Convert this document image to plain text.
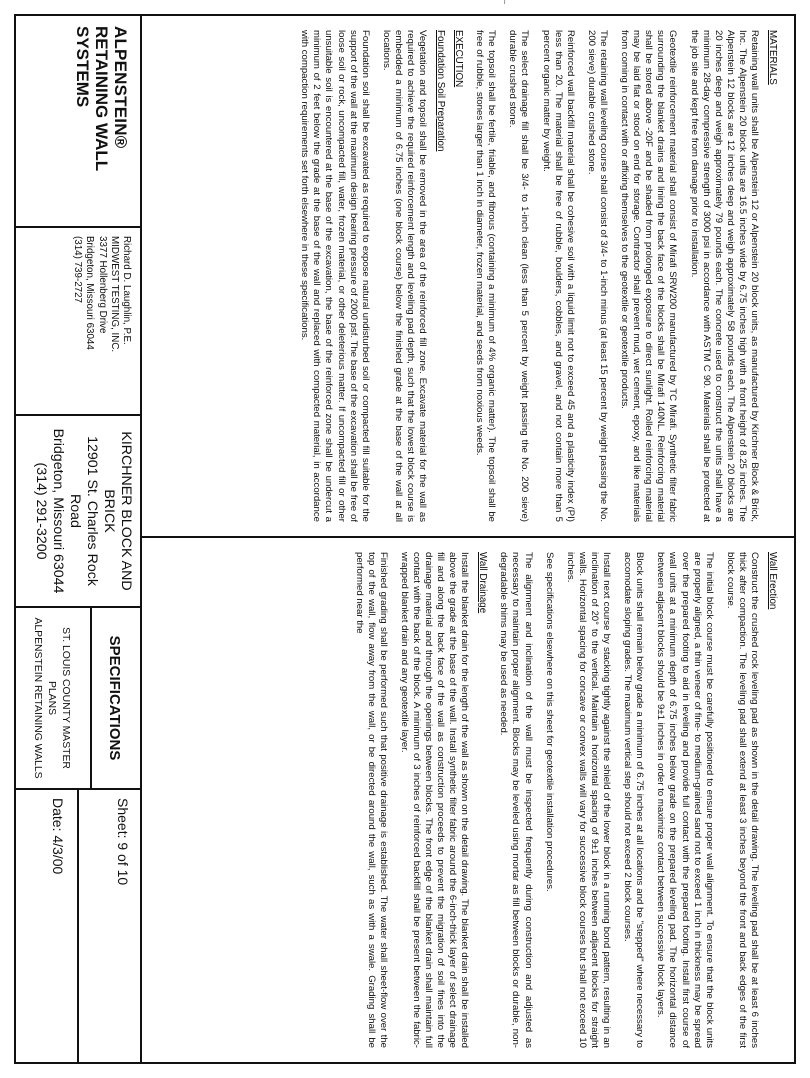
MATERIALS

Retaining wall units shall be Alpenstein 12 or Alpenstein 20 block units, as manufactured by Kirchner Block & Brick, Inc. The Alpenstein 20 block units are 16.5 inches wide by 6.75 inches high with a front height of 8.25 inches. The Alpenstein 12 blocks are 12 inches deep and weigh approximately 58 pounds each. The Alpenstein 20 blocks are 20 inches deep and weigh approximately 79 pounds each. The concrete used to construct the units shall have a minimum 28-day compressive strength of 3000 psi in accordance with ASTM C 90. Materials shall be protected at the job site and kept free from damage prior to installation.

Geotextile reinforcement material shall consist of Mirafi SRW200 manufactured by TC Mirafi. Synthetic filter fabric surrounding the blanket drains and lining the back face of the blocks shall be Mirafi 140NL. Reinforcing material shall be stored above -20F and be shaded from prolonged exposure to direct sunlight. Rolled reinforcing material may be laid flat or stood on end for storage. Contractor shall prevent mud, wet cement, epoxy, and like materials from coming in contact with or affixing themselves to the geotextile or geotextile products.

The retaining wall leveling course shall consist of 3/4- to 1-inch minus (at least 15 percent by weight passing the No. 200 sieve) durable crushed stone.

Reinforced wall backfill material shall be cohesive soil with a liquid limit not to exceed 45 and a plasticity index (PI) less than 20. The material shall be free of rubble, boulders, cobbles, and gravel, and not contain more than 5 percent organic matter by weight.

The select drainage fill shall be 3/4- to 1-inch clean (less than 5 percent by weight passing the No. 200 sieve) durable crushed stone.

The topsoil shall be fertile, friable, and fibrous (containing a minimum of 4% organic matter). The topsoil shall be free of rubble, stones larger than 1 inch in diameter, frozen material, and seeds from noxious weeds.

EXECUTION
Foundation Soil Preparation

Vegetation and topsoil shall be removed in the area of the reinforced fill zone. Excavate material for the wall as required to achieve the required reinforcement length and leveling pad depth, such that the lowest block course is embedded a minimum of 6.75 inches (one block course) below the finished grade at the base of the wall at all locations.

Foundation soil shall be excavated as required to expose natural undisturbed soil or compacted fill suitable for the support of the wall at the maximum design bearing pressure of 2000 psf. The base of the excavation shall be free of loose soil or rock, uncompacted fill, water, frozen material, or other deleterious matter. If uncompacted fill or other unsuitable soil is encountered at the base of the excavation, the base of the reinforced zone shall be undercut a minimum of 2 feet below the grade at the base of the wall and replaced with compacted material, in accordance with compaction requirements set forth elsewhere in these specifications.

Wall Erection

Construct the crushed rock leveling pad as shown in the detail drawing. The leveling pad shall be at least 6 inches thick after compaction. The leveling pad shall extend at least 3 inches beyond the front and back edges of the first block course.

The initial block course must be carefully positioned to ensure proper wall alignment. To ensure that the block units are properly aligned, a thin veneer of fine- to medium-grained sand not to exceed 1 inch in thickness may be spread over the prepared footing to aid in leveling and provide full contact with the prepared footing. Install first course of wall units at a minimum depth of 6.75 inches below grade on the prepared leveling pad. The horizontal distance between adjacent blocks should be 9±1 inches in order to maximize contact between successive block layers.

Block units shall remain below grade a minimum of 6.75 inches at all locations and be "stepped" where necessary to accomodate sloping grades. The maximum vertical step should not exceed 2 block courses.

Install next course by stacking tightly against the shield of the lower block in a running bond pattern, resulting in an inclination of 20° to the vertical. Maintain a horizontal spacing of 9±1 inches between adjacent blocks for straight walls. Horizontal spacing for concave or convex walls will vary for successive block courses but shall not exceed 10 inches.

See specifications elsewhere on this sheet for geotextile installation procedures.

The alignment and inclination of the wall must be inspected frequently during construction and adjusted as necessary to maintain proper alignment. Blocks may be leveled using mortar as fill between blocks or durable, non-degradable shims may be used as needed.

Wall Drainage

Install the blanket drain for the length of the wall as shown on the detail drawing. The blanket drain shall be installed above the grade at the base of the wall. Install synthetic filter fabric around the 6-inch-thick layer of select drainage fill and along the back face of the wall as construction proceeds to prevent the migration of soil fines into the drainage material and through the openings between blocks. The front edge of the blanket drain shall maintain full contact with the back of the block. A minimum of 3 inches of reinforced backfill shall be present between the fabric-wrapped blanket drain and any geotextile layer.

Finished grading shall be performed such that positive drainage is established. The water shall sheet-flow over the top of the wall, flow away from the wall, or be directed around the wall, such as with a swale. Grading shall be performed near the

ALPENSTEIN®
RETAINING WALL SYSTEMS
Richard D. Laughlin, P.E.
MIDWEST TESTING, INC.
3377 Hollenberg Drive
Bridgeton, Missouri 63044
(314) 739-2727
KIRCHNER BLOCK AND BRICK
12901 St. Charles Rock Road
Bridgeton, Missouri 63044
(314) 291-3200
SPECIFICATIONS
ST. LOUIS COUNTY MASTER PLANS
ALPENSTEIN RETAINING WALLS
Sheet: 9 of 10
Date: 4/3/00
